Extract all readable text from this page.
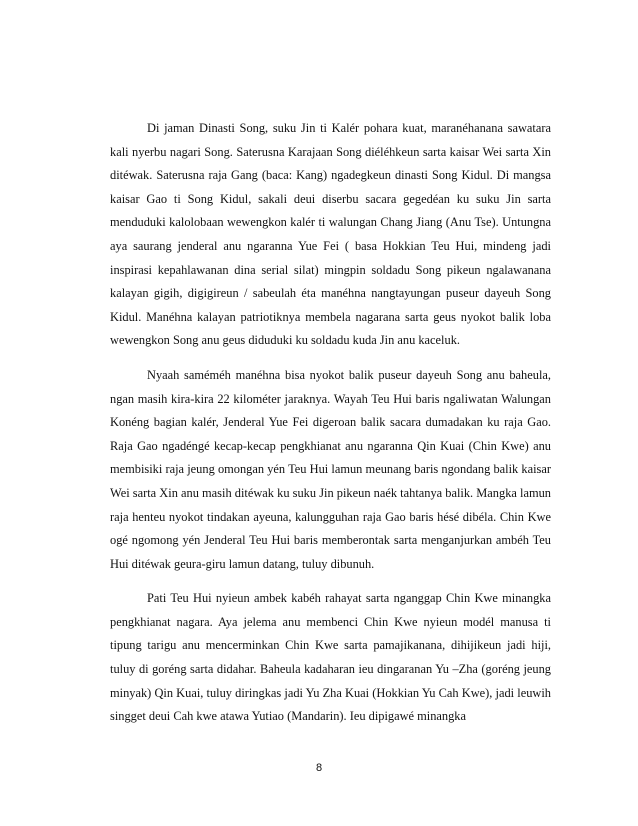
Di jaman Dinasti Song, suku Jin ti Kalér pohara kuat, maranéhanana sawatara kali nyerbu nagari Song. Saterusna Karajaan Song diéléhkeun sarta kaisar Wei sarta Xin ditéwak. Saterusna raja Gang (baca: Kang) ngadegkeun dinasti Song Kidul. Di mangsa kaisar Gao ti Song Kidul, sakali deui diserbu sacara gegedéan ku suku Jin sarta menduduki kalolobaan wewengkon kalér ti walungan Chang Jiang (Anu Tse). Untungna aya saurang jenderal anu ngaranna Yue Fei ( basa Hokkian Teu Hui, mindeng jadi inspirasi kepahlawanan dina serial silat) mingpin soldadu Song pikeun ngalawanana kalayan gigih, digigireun / sabeulah éta manéhna nangtayungan puseur dayeuh Song Kidul. Manéhna kalayan patriotiknya membela nagarana sarta geus nyokot balik loba wewengkon Song anu geus diduduki ku soldadu kuda Jin anu kaceluk.

Nyaah saméméh manéhna bisa nyokot balik puseur dayeuh Song anu baheula, ngan masih kira-kira 22 kilométer jaraknya. Wayah Teu Hui baris ngaliwatan Walungan Konéng bagian kalér, Jenderal Yue Fei digeroan balik sacara dumadakan ku raja Gao. Raja Gao ngadéngé kecap-kecap pengkhianat anu ngaranna Qin Kuai (Chin Kwe) anu membisiki raja jeung omongan yén Teu Hui lamun meunang baris ngondang balik kaisar Wei sarta Xin anu masih ditéwak ku suku Jin pikeun naék tahtanya balik. Mangka lamun raja henteu nyokot tindakan ayeuna, kalungguhan raja Gao baris hésé dibéla. Chin Kwe ogé ngomong yén Jenderal Teu Hui baris memberontak sarta menganjurkan ambéh Teu Hui ditéwak geura-giru lamun datang, tuluy dibunuh.

Pati Teu Hui nyieun ambek kabéh rahayat sarta nganggap Chin Kwe minangka pengkhianat nagara. Aya jelema anu membenci Chin Kwe nyieun modél manusa ti tipung tarigu anu mencerminkan Chin Kwe sarta pamajikanana, dihijikeun jadi hiji, tuluy di goréng sarta didahar. Baheula kadaharan ieu dingaranan Yu –Zha (goréng jeung minyak) Qin Kuai, tuluy diringkas jadi Yu Zha Kuai (Hokkian Yu Cah Kwe), jadi leuwih singget deui Cah kwe atawa Yutiao (Mandarin). Ieu dipigawé minangka

8
